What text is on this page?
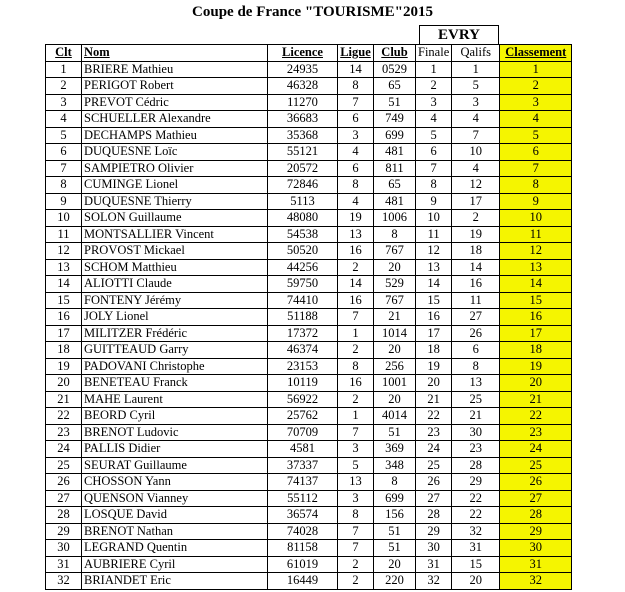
Coupe de France "TOURISME"2015
EVRY
Clt	Nom	Licence	Ligue	Club	Finale	Qalifs	Classement
1	BRIERE Mathieu	24935	14	0529	1	1	1
2	PERIGOT Robert	46328	8	65	2	5	2
3	PREVOT Cédric	11270	7	51	3	3	3
4	SCHUELLER Alexandre	36683	6	749	4	4	4
5	DECHAMPS Mathieu	35368	3	699	5	7	5
6	DUQUESNE Loïc	55121	4	481	6	10	6
7	SAMPIETRO Olivier	20572	6	811	7	4	7
8	CUMINGE Lionel	72846	8	65	8	12	8
9	DUQUESNE Thierry	5113	4	481	9	17	9
10	SOLON Guillaume	48080	19	1006	10	2	10
11	MONTSALLIER Vincent	54538	13	8	11	19	11
12	PROVOST Mickael	50520	16	767	12	18	12
13	SCHOM Matthieu	44256	2	20	13	14	13
14	ALIOTTI Claude	59750	14	529	14	16	14
15	FONTENY Jérémy	74410	16	767	15	11	15
16	JOLY Lionel	51188	7	21	16	27	16
17	MILITZER Frédéric	17372	1	1014	17	26	17
18	GUITTEAUD Garry	46374	2	20	18	6	18
19	PADOVANI Christophe	23153	8	256	19	8	19
20	BENETEAU Franck	10119	16	1001	20	13	20
21	MAHE Laurent	56922	2	20	21	25	21
22	BEORD Cyril	25762	1	4014	22	21	22
23	BRENOT Ludovic	70709	7	51	23	30	23
24	PALLIS Didier	4581	3	369	24	23	24
25	SEURAT Guillaume	37337	5	348	25	28	25
26	CHOSSON Yann	74137	13	8	26	29	26
27	QUENSON Vianney	55112	3	699	27	22	27
28	LOSQUE David	36574	8	156	28	22	28
29	BRENOT Nathan	74028	7	51	29	32	29
30	LEGRAND Quentin	81158	7	51	30	31	30
31	AUBRIERE Cyril	61019	2	20	31	15	31
32	BRIANDET Eric	16449	2	220	32	20	32
